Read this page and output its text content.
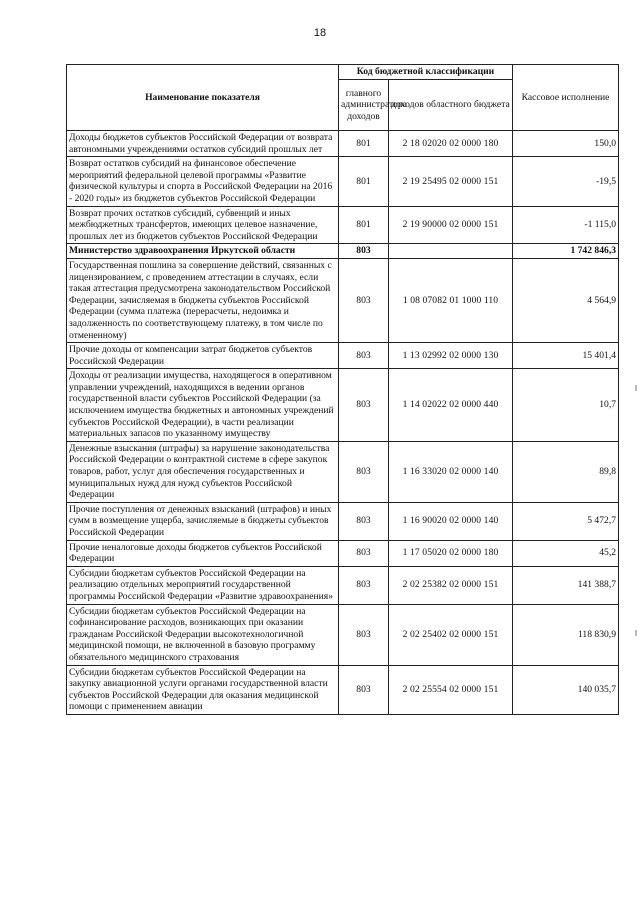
18
Наименование показателя	Код бюджетной классификации		Кассовое исполнение
	главного администратора доходов	доходов областного бюджета	
Доходы бюджетов субъектов Российской Федерации от возврата автономными учреждениями остатков субсидий прошлых лет	801	2 18 02020 02 0000 180	150,0
Возврат остатков субсидий на финансовое обеспечение мероприятий федеральной целевой программы «Развитие физической культуры и спорта в Российской Федерации на 2016 - 2020 годы» из бюджетов субъектов Российской Федерации	801	2 19 25495 02 0000 151	-19,5
Возврат прочих остатков субсидий, субвенций и иных межбюджетных трансфертов, имеющих целевое назначение, прошлых лет из бюджетов субъектов Российской Федерации	801	2 19 90000 02 0000 151	-1 115,0
Министерство здравоохранения Иркутской области	803		1 742 846,3
Государственная пошлина за совершение действий, связанных с лицензированием, с проведением аттестации в случаях, если такая аттестация предусмотрена законодательством Российской Федерации, зачисляемая в бюджеты субъектов Российской Федерации (сумма платежа (перерасчеты, недоимка и задолженность по соответствующему платежу, в том числе по отмененному)	803	1 08 07082 01 1000 110	4 564,9
Прочие доходы от компенсации затрат бюджетов субъектов Российской Федерации	803	1 13 02992 02 0000 130	15 401,4
Доходы от реализации имущества, находящегося в оперативном управлении учреждений, находящихся в ведении органов государственной власти субъектов Российской Федерации (за исключением имущества бюджетных и автономных учреждений субъектов Российской Федерации), в части реализации материальных запасов по указанному имуществу	803	1 14 02022 02 0000 440	10,7
Денежные взыскания (штрафы) за нарушение законодательства Российской Федерации о контрактной системе в сфере закупок товаров, работ, услуг для обеспечения государственных и муниципальных нужд для нужд субъектов Российской Федерации	803	1 16 33020 02 0000 140	89,8
Прочие поступления от денежных взысканий (штрафов) и иных сумм в возмещение ущерба, зачисляемые в бюджеты субъектов Российской Федерации	803	1 16 90020 02 0000 140	5 472,7
Прочие неналоговые доходы бюджетов субъектов Российской Федерации	803	1 17 05020 02 0000 180	45,2
Субсидии бюджетам субъектов Российской Федерации на реализацию отдельных мероприятий государственной программы Российской Федерации «Развитие здравоохранения»	803	2 02 25382 02 0000 151	141 388,7
Субсидии бюджетам субъектов Российской Федерации на софинансирование расходов, возникающих при оказании гражданам Российской Федерации высокотехнологичной медицинской помощи, не включенной в базовую программу обязательного медицинского страхования	803	2 02 25402 02 0000 151	118 830,9
Субсидии бюджетам субъектов Российской Федерации на закупку авиационной услуги органами государственной власти субъектов Российской Федерации для оказания медицинской помощи с применением авиации	803	2 02 25554 02 0000 151	140 035,7
